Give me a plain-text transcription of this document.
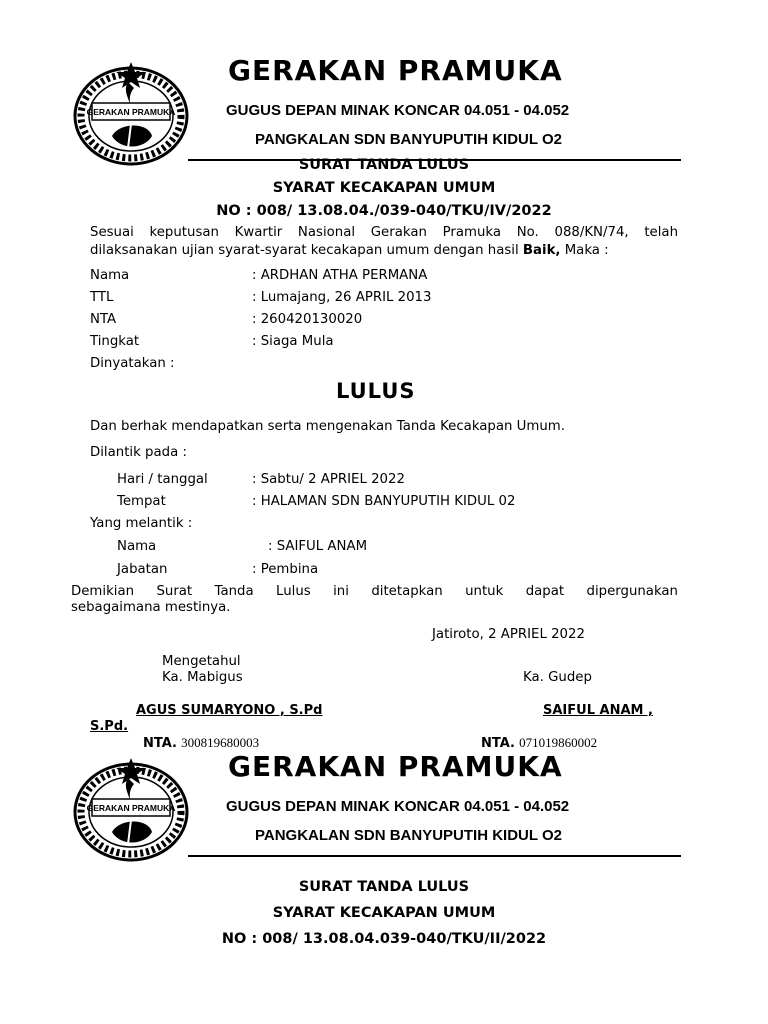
GERAKAN PRAMUKA
GERAKAN PRAMUKA
GUGUS DEPAN MINAK KONCAR 04.051 - 04.052
PANGKALAN SDN BANYUPUTIH KIDUL O2
SURAT TANDA LULUS
SYARAT KECAKAPAN UMUM
NO : 008/ 13.08.04./039-040/TKU/IV/2022
Sesuai keputusan Kwartir Nasional Gerakan Pramuka No. 088/KN/74, telah
dilaksanakan ujian syarat-syarat kecakapan umum dengan hasil Baik, Maka :
Nama	: ARDHAN ATHA PERMANA
TTL	: Lumajang, 26 APRIL 2013
NTA	: 260420130020
Tingkat	: Siaga Mula
Dinyatakan :
LULUS
Dan berhak mendapatkan serta mengenakan Tanda Kecakapan Umum.
Dilantik pada :
Hari / tanggal	: Sabtu/ 2 APRIEL 2022
Tempat	: HALAMAN SDN BANYUPUTIH KIDUL 02
Yang melantik :
Nama	: SAIFUL ANAM
Jabatan	: Pembina
Demikian Surat Tanda Lulus ini ditetapkan untuk dapat dipergunakan
sebagaimana mestinya.
Jatiroto, 2 APRIEL 2022
Mengetahul
Ka. Mabigus	Ka. Gudep
AGUS SUMARYONO , S.Pd	SAIFUL ANAM ,
S.Pd.
NTA. 300819680003	NTA. 071019860002
GERAKAN PRAMUKA
GERAKAN PRAMUKA
GUGUS DEPAN MINAK KONCAR 04.051 - 04.052
PANGKALAN SDN BANYUPUTIH KIDUL O2
SURAT TANDA LULUS
SYARAT KECAKAPAN UMUM
NO : 008/ 13.08.04.039-040/TKU/II/2022
